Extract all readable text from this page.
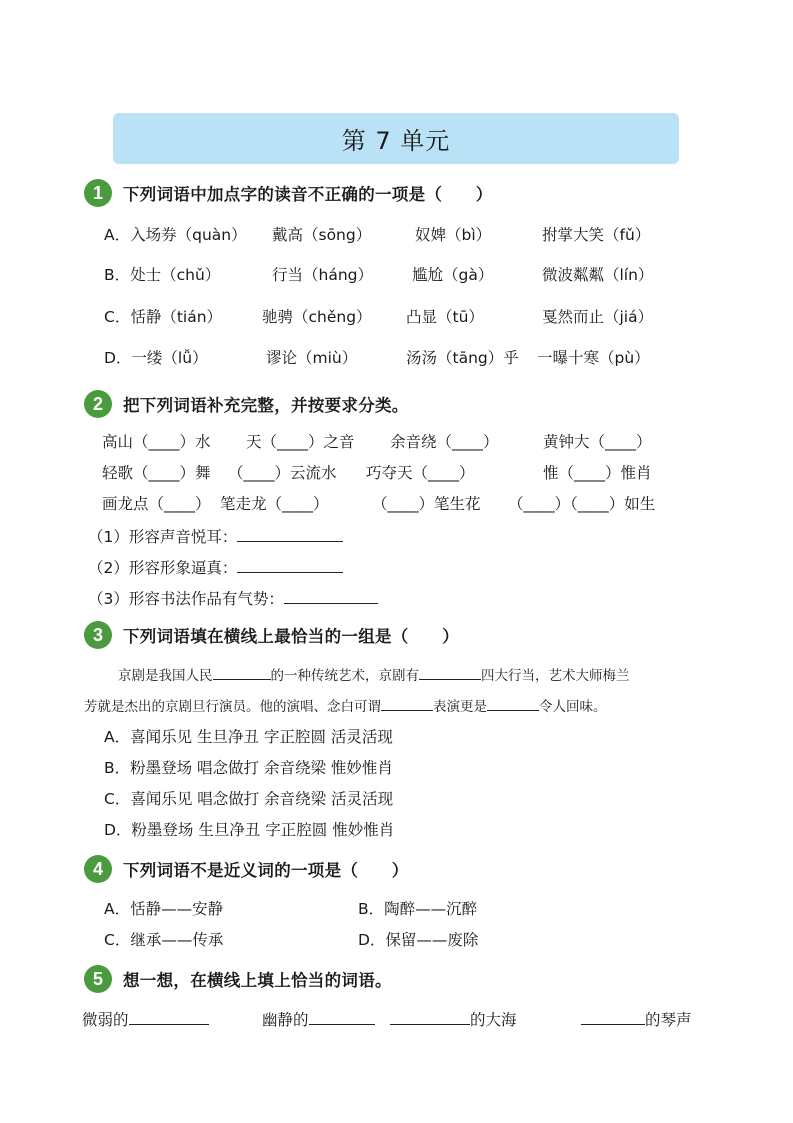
第 7 单元
1	下列词语中加点字的读音不正确的一项是（　　）
A．入场券（quàn） 戴高（sōng）	奴婢（bì）	拊掌大笑（fǔ）
B．处士（chǔ）	行当（háng）	尴尬（gà）	微波粼粼（lín）
C．恬静（tián）	驰骋（chěng） 凸显（tū）	戛然而止（jiá）
D．一缕（lǚ）	谬论（miù）	汤汤（tāng）乎 一曝十寒（pù）
2	把下列词语补充完整，并按要求分类。
高山（____）水 天（____）之音 余音绕（____）	黄钟大（____）
轻歌（____）舞 （____）云流水 巧夺天（____）	惟（____）惟肖
画龙点（____） 笔走龙（____）	（____）笔生花 （____）（____）如生
（1）形容声音悦耳：
（2）形容形象逼真：
（3）形容书法作品有气势：
3	下列词语填在横线上最恰当的一组是（　　）
京剧是我国人民	的一种传统艺术，京剧有	四大行当，艺术大师梅兰
芳就是杰出的京剧旦行演员。他的演唱、念白可谓	表演更是	令人回味。
A．喜闻乐见 生旦净丑 字正腔圆 活灵活现
B．粉墨登场 唱念做打 余音绕梁 惟妙惟肖
C．喜闻乐见 唱念做打 余音绕梁 活灵活现
D．粉墨登场 生旦净丑 字正腔圆 惟妙惟肖
4	下列词语不是近义词的一项是（　　）
A．恬静——安静	B．陶醉——沉醉
C．继承——传承	D．保留——废除
5	想一想，在横线上填上恰当的词语。
微弱的	幽静的	的大海	的琴声
